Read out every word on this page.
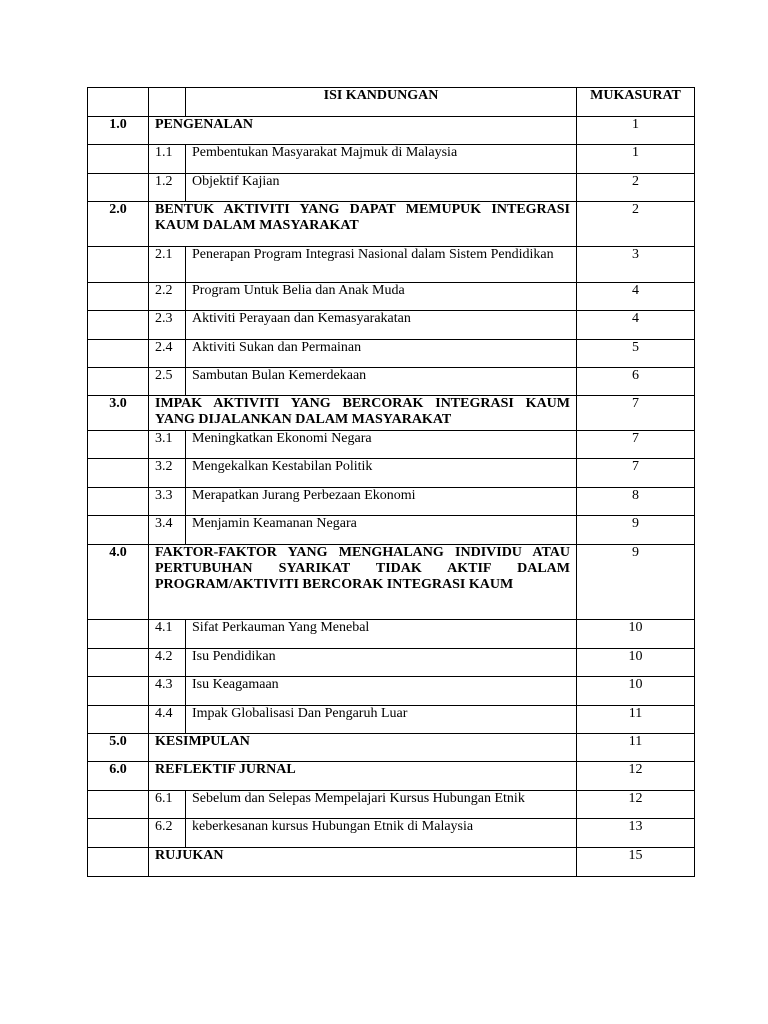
		ISI KANDUNGAN	MUKASURAT
1.0	PENGENALAN		1
	1.1	Pembentukan Masyarakat Majmuk di Malaysia	1
	1.2	Objektif Kajian	2
2.0	BENTUK AKTIVITI YANG DAPAT MEMUPUK INTEGRASI KAUM DALAM MASYARAKAT		2
	2.1	Penerapan Program Integrasi Nasional dalam Sistem Pendidikan	3
	2.2	Program Untuk Belia dan Anak Muda	4
	2.3	Aktiviti Perayaan dan Kemasyarakatan	4
	2.4	Aktiviti Sukan dan Permainan	5
	2.5	Sambutan Bulan Kemerdekaan	6
3.0	IMPAK AKTIVITI YANG BERCORAK INTEGRASI KAUM YANG DIJALANKAN DALAM MASYARAKAT		7
	3.1	Meningkatkan Ekonomi Negara	7
	3.2	Mengekalkan Kestabilan Politik	7
	3.3	Merapatkan Jurang Perbezaan Ekonomi	8
	3.4	Menjamin Keamanan Negara	9
4.0	FAKTOR-FAKTOR YANG MENGHALANG INDIVIDU ATAU PERTUBUHAN SYARIKAT TIDAK AKTIF DALAM PROGRAM/AKTIVITI BERCORAK INTEGRASI KAUM		9
	4.1	Sifat Perkauman Yang Menebal	10
	4.2	Isu Pendidikan	10
	4.3	Isu Keagamaan	10
	4.4	Impak Globalisasi Dan Pengaruh Luar	11
5.0	KESIMPULAN		11
6.0	REFLEKTIF JURNAL		12
	6.1	Sebelum dan Selepas Mempelajari Kursus Hubungan Etnik	12
	6.2	keberkesanan kursus Hubungan Etnik di Malaysia	13
	RUJUKAN		15
